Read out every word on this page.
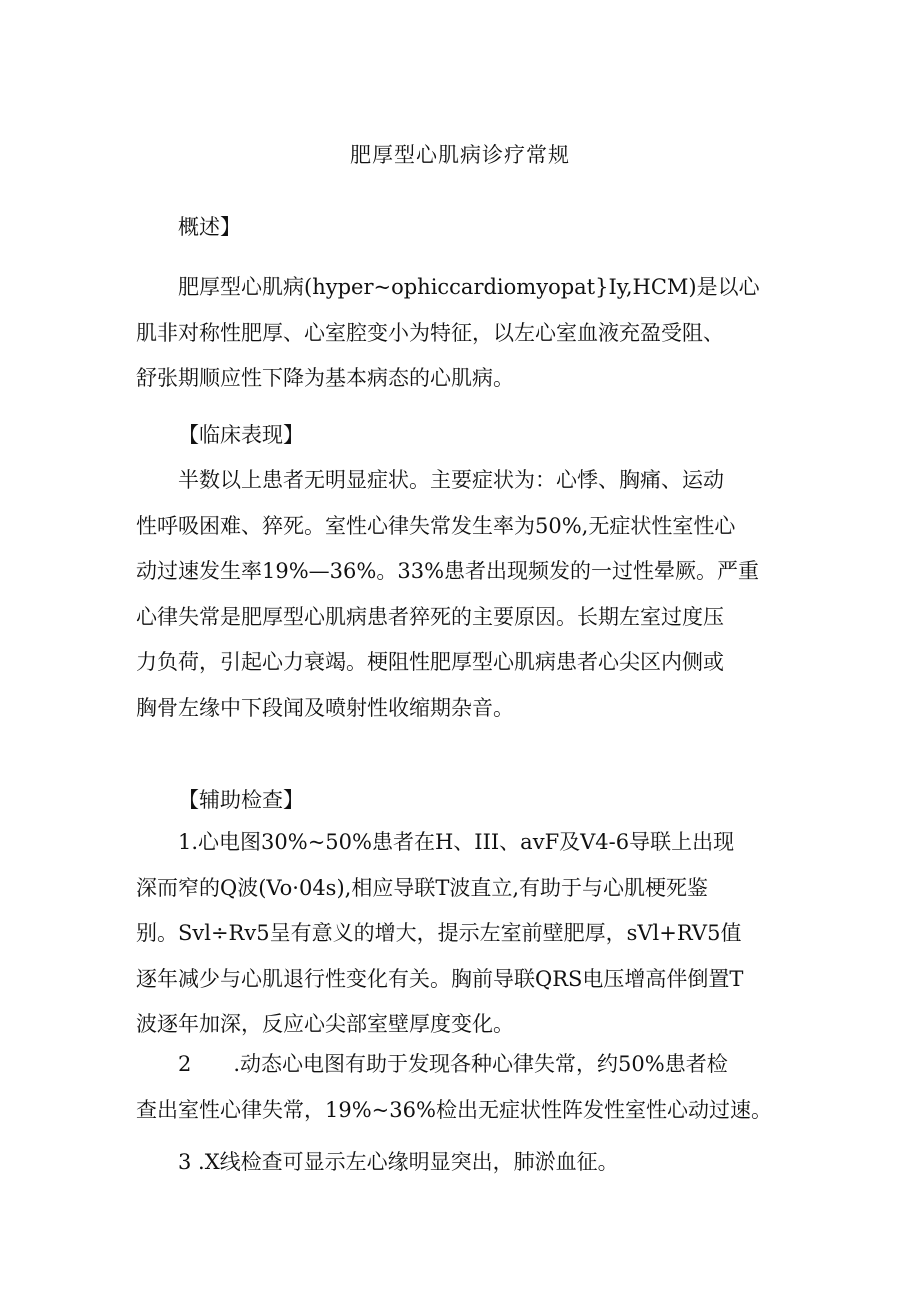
肥厚型心肌病诊疗常规
概述】
肥厚型心肌病(hyper~ophiccardiomyopat}Iy,HCM)是以心
肌非对称性肥厚、心室腔变小为特征，以左心室血液充盈受阻、
舒张期顺应性下降为基本病态的心肌病。
【临床表现】
半数以上患者无明显症状。主要症状为：心悸、胸痛、运动
性呼吸困难、猝死。室性心律失常发生率为50%,无症状性室性心
动过速发生率19%—36%。33%患者出现频发的一过性晕厥。严重
心律失常是肥厚型心肌病患者猝死的主要原因。长期左室过度压
力负荷，引起心力衰竭。梗阻性肥厚型心肌病患者心尖区内侧或
胸骨左缘中下段闻及喷射性收缩期杂音。
【辅助检查】
1.心电图30%~50%患者在H、III、avF及V4-6导联上出现
深而窄的Q波(Vo·04s),相应导联T波直立,有助于与心肌梗死鉴
别。Svl÷Rv5呈有意义的增大，提示左室前壁肥厚，sVl+RV5值
逐年减少与心肌退行性变化有关。胸前导联QRS电压增高伴倒置T
波逐年加深，反应心尖部室壁厚度变化。
2　　.动态心电图有助于发现各种心律失常，约50%患者检
查出室性心律失常，19%~36%检出无症状性阵发性室性心动过速。
3 .X线检查可显示左心缘明显突出，肺淤血征。
